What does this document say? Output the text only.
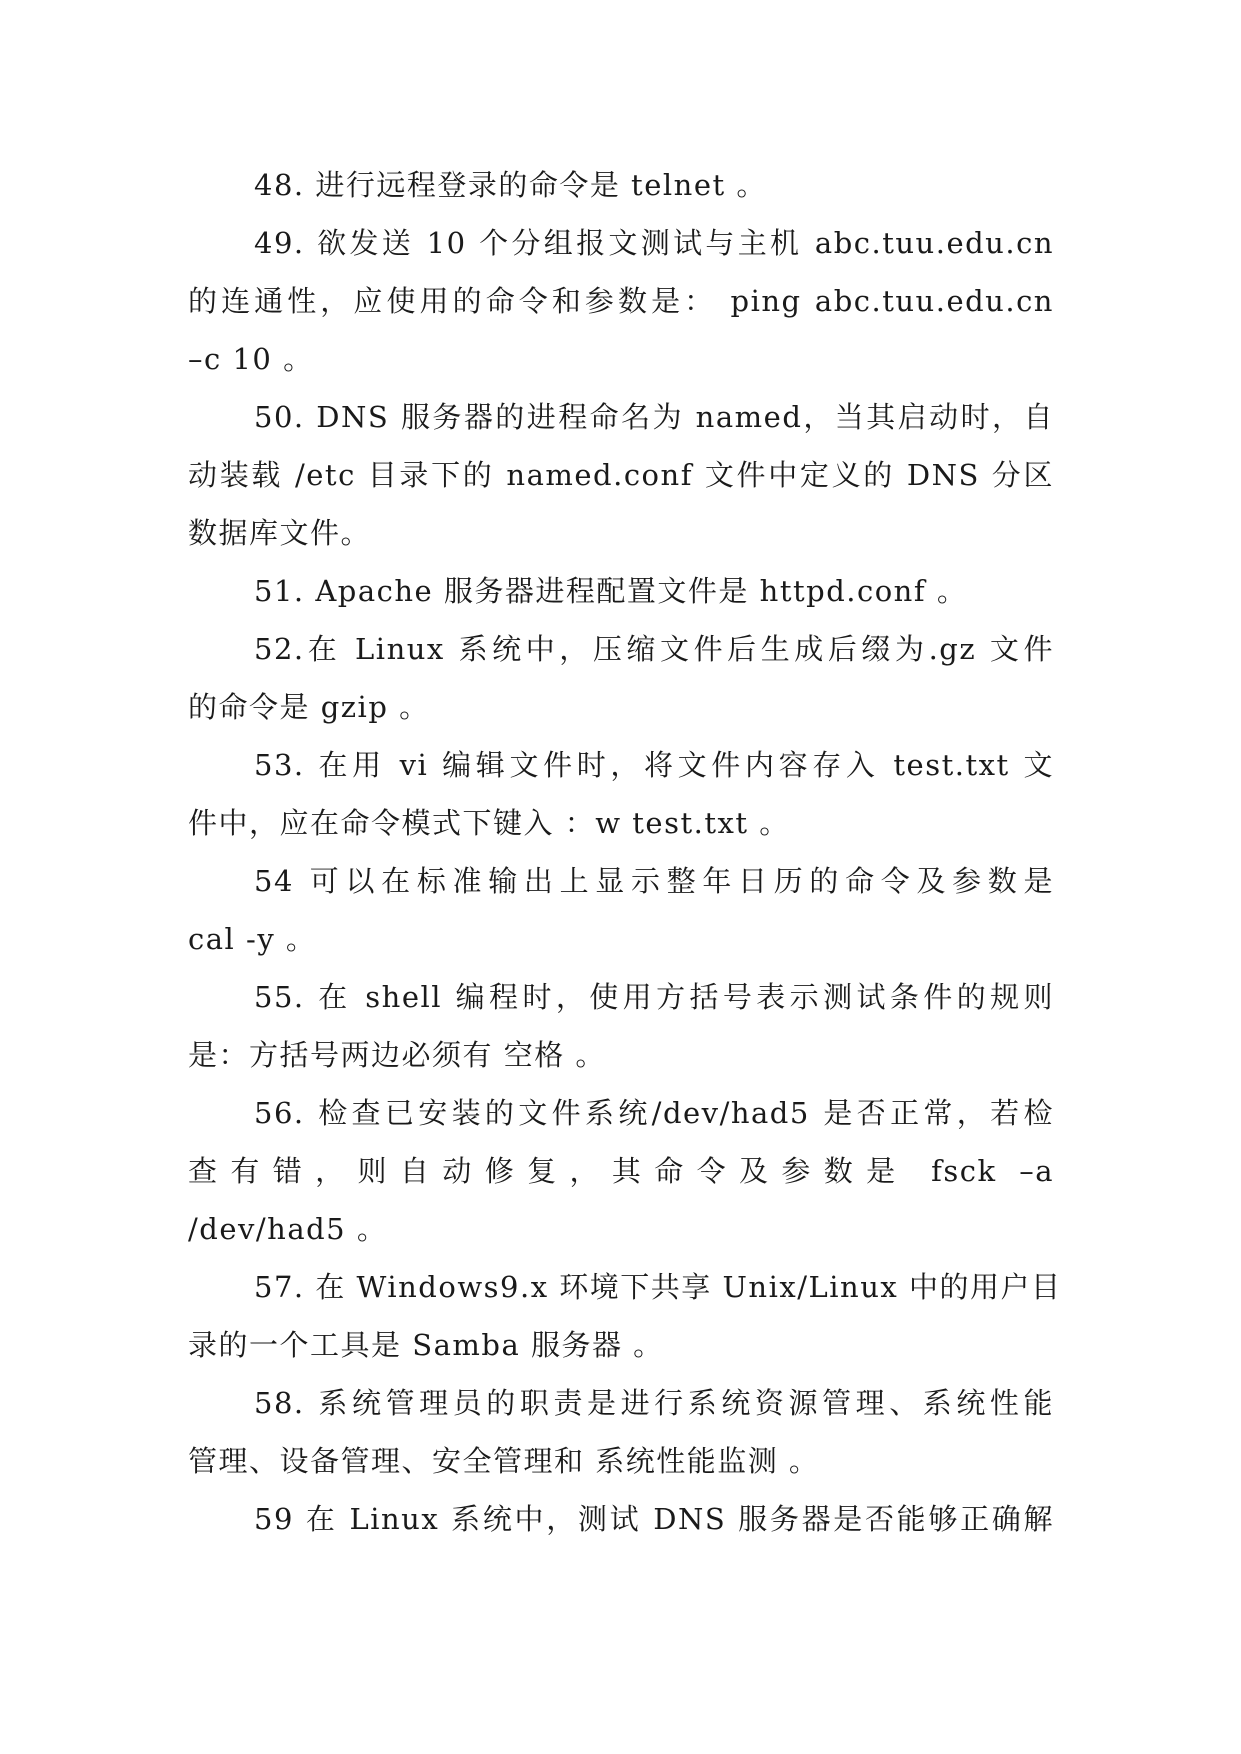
48. 进行远程登录的命令是 telnet 。
49. 欲发送 10 个分组报文测试与主机 abc.tuu.edu.cn
的连通性，应使用的命令和参数是： ping abc.tuu.edu.cn
–c 10 。
50. DNS 服务器的进程命名为 named，当其启动时，自
动装载 /etc 目录下的 named.conf 文件中定义的 DNS 分区
数据库文件。
51. Apache 服务器进程配置文件是 httpd.conf 。
52.在 Linux 系统中，压缩文件后生成后缀为.gz 文件
的命令是 gzip 。
53. 在用 vi 编辑文件时，将文件内容存入 test.txt 文
件中，应在命令模式下键入 ：w test.txt 。
54 可以在标准输出上显示整年日历的命令及参数是
cal -y 。
55. 在 shell 编程时，使用方括号表示测试条件的规则
是：方括号两边必须有 空格 。
56. 检查已安装的文件系统/dev/had5 是否正常，若检
查有错，则自动修复，其命令及参数是 fsck –a
/dev/had5 。
57. 在 Windows9.x 环境下共享 Unix/Linux 中的用户目
录的一个工具是 Samba 服务器 。
58. 系统管理员的职责是进行系统资源管理、系统性能
管理、设备管理、安全管理和 系统性能监测 。
59 在 Linux 系统中，测试 DNS 服务器是否能够正确解
